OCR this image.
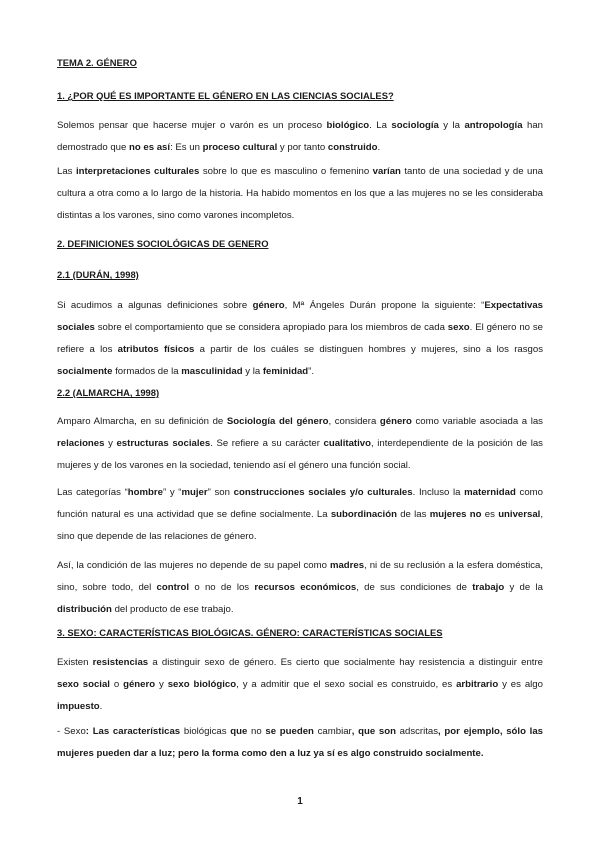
TEMA 2. GÉNERO
1. ¿POR QUÉ ES IMPORTANTE EL GÉNERO EN LAS CIENCIAS SOCIALES?

Solemos pensar que hacerse mujer o varón es un proceso biológico. La sociología y la antropología han demostrado que no es así: Es un proceso cultural y por tanto construido.

Las interpretaciones culturales sobre lo que es masculino o femenino varían tanto de una sociedad y de una cultura a otra como a lo largo de la historia. Ha habido momentos en los que a las mujeres no se les consideraba distintas a los varones, sino como varones incompletos.

2. DEFINICIONES SOCIOLÓGICAS DE GENERO
2.1 (DURÁN, 1998)

Si acudimos a algunas definiciones sobre género, Mª Ángeles Durán propone la siguiente: “Expectativas sociales sobre el comportamiento que se considera apropiado para los miembros de cada sexo. El género no se refiere a los atributos físicos a partir de los cuáles se distinguen hombres y mujeres, sino a los rasgos socialmente formados de la masculinidad y la feminidad”.

2.2 (ALMARCHA, 1998)

Amparo Almarcha, en su definición de Sociología del género, considera género como variable asociada a las relaciones y estructuras sociales. Se refiere a su carácter cualitativo, interdependiente de la posición de las mujeres y de los varones en la sociedad, teniendo así el género una función social.

Las categorías “hombre” y “mujer” son construcciones sociales y/o culturales. Incluso la maternidad como función natural es una actividad que se define socialmente. La subordinación de las mujeres no es universal, sino que depende de las relaciones de género.

Así, la condición de las mujeres no depende de su papel como madres, ni de su reclusión a la esfera doméstica, sino, sobre todo, del control o no de los recursos económicos, de sus condiciones de trabajo y de la distribución del producto de ese trabajo.

3. SEXO: CARACTERÍSTICAS BIOLÓGICAS. GÉNERO: CARACTERÍSTICAS SOCIALES

Existen resistencias a distinguir sexo de género. Es cierto que socialmente hay resistencia a distinguir entre sexo social o género y sexo biológico, y a admitir que el sexo social es construido, es arbitrario y es algo impuesto.

- Sexo: Las características biológicas que no se pueden cambiar, que son adscritas, por ejemplo, sólo las mujeres pueden dar a luz; pero la forma como den a luz ya sí es algo construido socialmente.

1
